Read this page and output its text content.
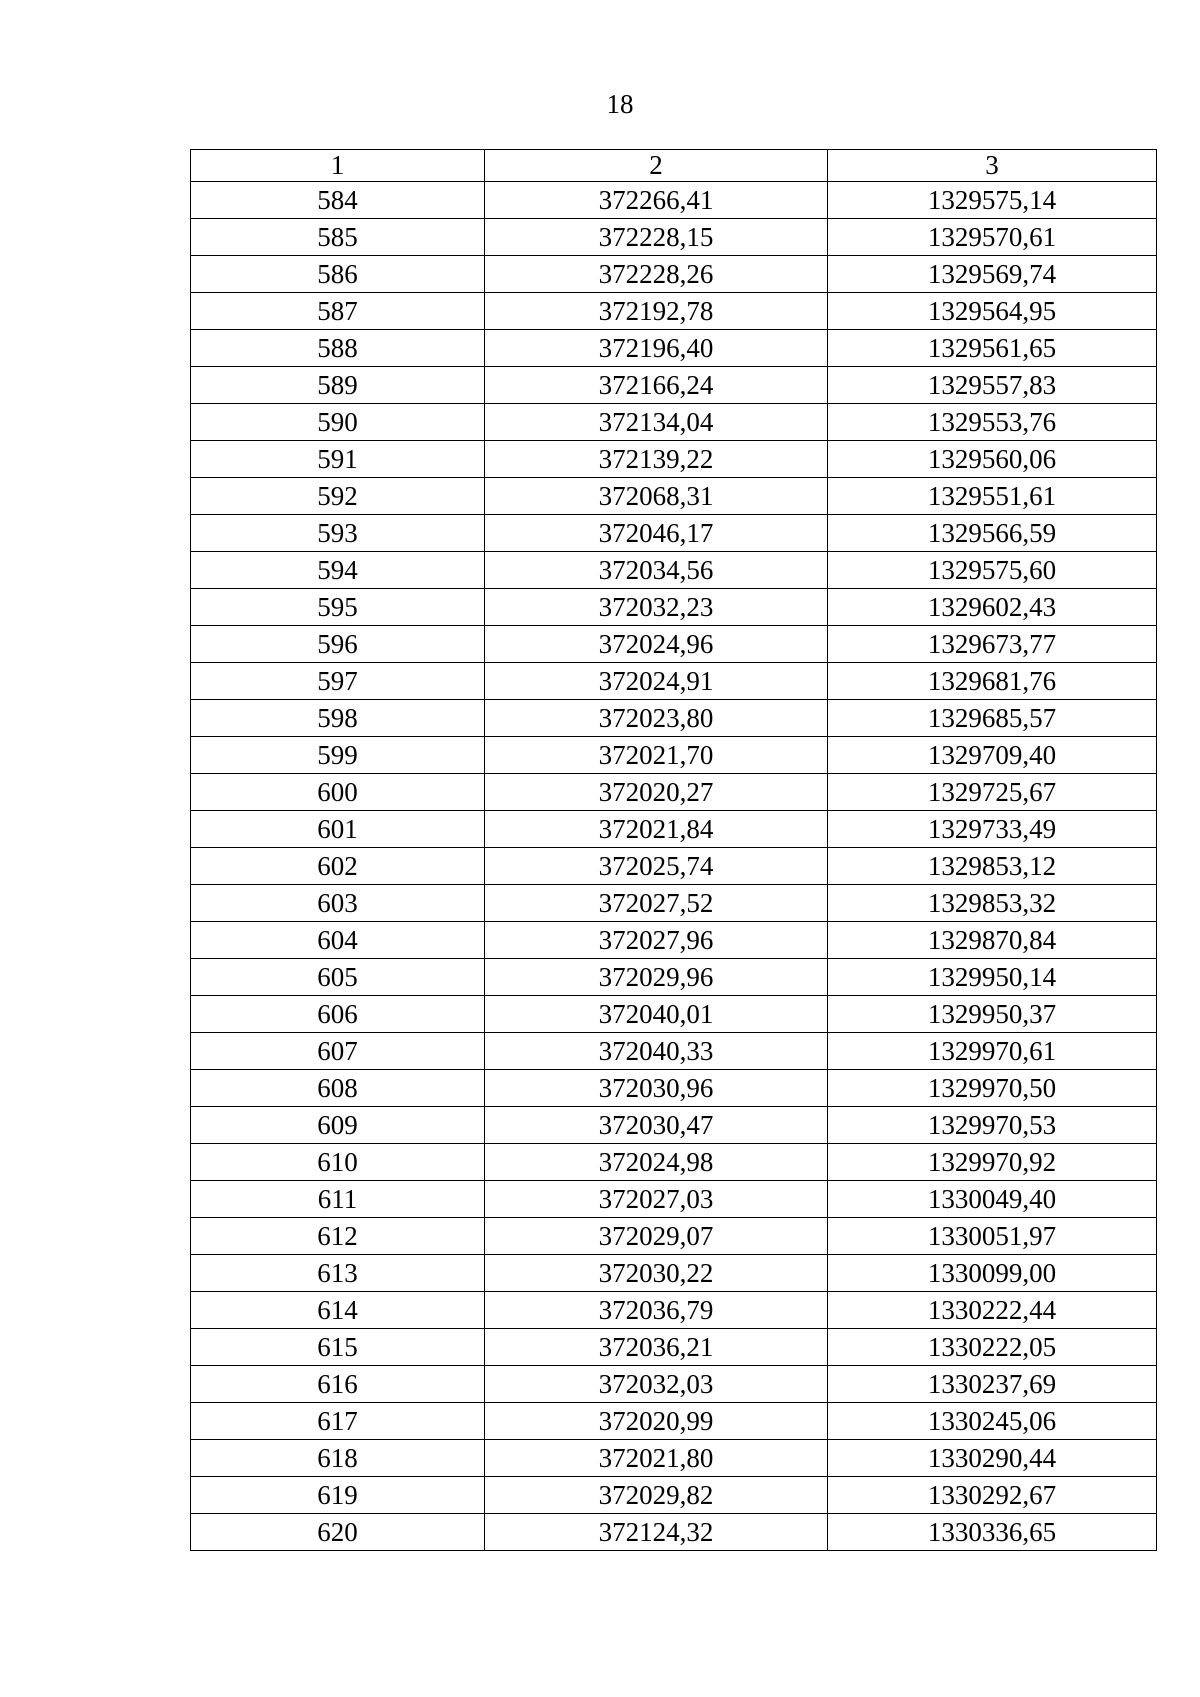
18
1	2	3
584	372266,41	1329575,14
585	372228,15	1329570,61
586	372228,26	1329569,74
587	372192,78	1329564,95
588	372196,40	1329561,65
589	372166,24	1329557,83
590	372134,04	1329553,76
591	372139,22	1329560,06
592	372068,31	1329551,61
593	372046,17	1329566,59
594	372034,56	1329575,60
595	372032,23	1329602,43
596	372024,96	1329673,77
597	372024,91	1329681,76
598	372023,80	1329685,57
599	372021,70	1329709,40
600	372020,27	1329725,67
601	372021,84	1329733,49
602	372025,74	1329853,12
603	372027,52	1329853,32
604	372027,96	1329870,84
605	372029,96	1329950,14
606	372040,01	1329950,37
607	372040,33	1329970,61
608	372030,96	1329970,50
609	372030,47	1329970,53
610	372024,98	1329970,92
611	372027,03	1330049,40
612	372029,07	1330051,97
613	372030,22	1330099,00
614	372036,79	1330222,44
615	372036,21	1330222,05
616	372032,03	1330237,69
617	372020,99	1330245,06
618	372021,80	1330290,44
619	372029,82	1330292,67
620	372124,32	1330336,65
